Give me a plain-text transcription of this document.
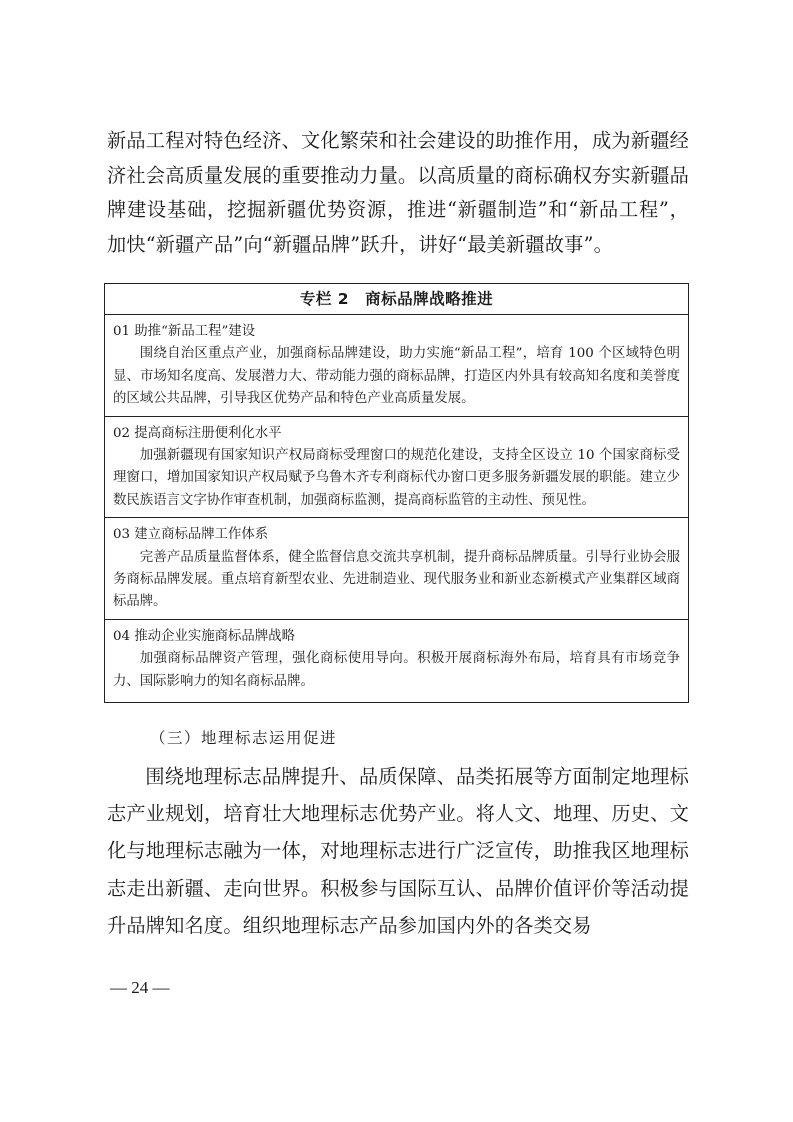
新品工程对特色经济、文化繁荣和社会建设的助推作用，成为新疆经济社会高质量发展的重要推动力量。以高质量的商标确权夯实新疆品牌建设基础，挖掘新疆优势资源，推进“新疆制造”和“新品工程”，加快“新疆产品”向“新疆品牌”跃升，讲好“最美新疆故事”。
专栏 2 商标品牌战略推进
01 助推“新品工程”建设
围绕自治区重点产业，加强商标品牌建设，助力实施“新品工程”，培育 100 个区域特色明显、市场知名度高、发展潜力大、带动能力强的商标品牌，打造区内外具有较高知名度和美誉度的区域公共品牌，引导我区优势产品和特色产业高质量发展。
02 提高商标注册便利化水平
加强新疆现有国家知识产权局商标受理窗口的规范化建设，支持全区设立 10 个国家商标受理窗口，增加国家知识产权局赋予乌鲁木齐专利商标代办窗口更多服务新疆发展的职能。建立少数民族语言文字协作审查机制，加强商标监测，提高商标监管的主动性、预见性。
03 建立商标品牌工作体系
完善产品质量监督体系，健全监督信息交流共享机制，提升商标品牌质量。引导行业协会服务商标品牌发展。重点培育新型农业、先进制造业、现代服务业和新业态新模式产业集群区域商标品牌。
04 推动企业实施商标品牌战略
加强商标品牌资产管理，强化商标使用导向。积极开展商标海外布局，培育具有市场竞争力、国际影响力的知名商标品牌。
（三）地理标志运用促进
围绕地理标志品牌提升、品质保障、品类拓展等方面制定地理标志产业规划，培育壮大地理标志优势产业。将人文、地理、历史、文化与地理标志融为一体，对地理标志进行广泛宣传，助推我区地理标志走出新疆、走向世界。积极参与国际互认、品牌价值评价等活动提升品牌知名度。组织地理标志产品参加国内外的各类交易
— 24 —
